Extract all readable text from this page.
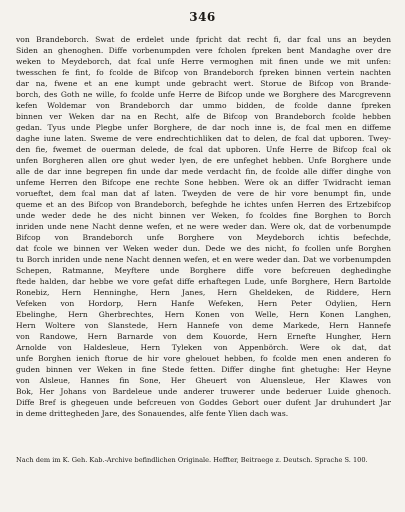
346
von Brandeborch. Swat de erdelet unde fpricht dat recht fi, dar fcal uns an beyden
Siden an ghenoghen. Diffe vorbenumpden vere fcholen fpreken bent Mandaghe over dre
weken to Meydeborch, dat fcal unfe Herre vermoghen mit finen unde we mit unfen:
twesschen fe fint, fo fcolde de Bifcop von Brandeborch fpreken binnen vertein nachten
dar na, fwene et an ene kumpt unde gebracht wert. Storue de Bifcop von Brande-
borch, des Goth ne wille, fo fcolde unfe Herre de Bifcop unde we Borghere des Marcgrevenn
kefen Woldemar von Brandeborch dar ummo bidden, de fcolde danne fpreken
binnen ver Weken dar na en Recht, alfe de Bifcop von Brandeborch fcolde hebben
gedan. Tyus unde Plegbe unfer Borghere, de dar noch inne is, de fcal men en diffeme
daghe iune laten. Sweme de vere endrechtichliken dat to delen, de fcal dat upboren. Twey-
den fie, fwemet de ouerman delede, de fcal dat upboren. Unfe Herre de Bifcop fcal ok
unfen Borgheren allen ore ghut weder lyen, de ere unfeghet hebben. Unfe Borghere unde
alle de dar inne begrepen fin unde dar mede verdacht fin, de fcolde alle differ dinghe von
unfeme Herren den Bifcope ene rechte Sone hebben. Were ok an differ Twidracht ieman
vorueftet, dem fcal man dat af laten. Tweyden de vere de hir vore benumpt fin, unde
queme et an des Bifcop von Brandeborch, befeghde he ichtes unfen Herren des Ertzebifcop
unde weder dede he des nicht binnen ver Weken, fo fcoldes fine Borghen to Borch
inriden unde nene Nacht denne wefen, et ne were weder dan. Were ok, dat de vorbenumpde
Bifcop von Brandeborch unfe Borghere von Meydeborch ichtis befechde,
dat fcole we binnen ver Weken weder dun. Dede we des nicht, fo fcollen unfe Borghen
tu Borch inriden unde nene Nacht dennen wefen, et en were weder dan. Dat we vorbenumpden
Schepen, Ratmanne, Meyftere unde Borghere diffe vore befcreuen deghedinghe
ftede halden, dar hebbe we vore gefat diffe erhaftegen Lude, unfe Borghere, Hern Bartolde
Ronebiz, Hern Henninghe, Hern Janes, Hern Gheldeken, de Riddere, Hern
Vefeken von Hordorp, Hern Hanfe Wefeken, Hern Peter Odylien, Hern
Ebelinghe, Hern Gherbrechtes, Hern Konen von Welle, Hern Konen Langhen,
Hern Woltere von Slanstede, Hern Hannefe von deme Markede, Hern Hannefe
von Randowe, Hern Barnarde von dem Kouorde, Hern Ernefte Hungher, Hern
Arnolde von Haldesleue, Hern Tyleken von Appenbörch. Were ok dat, dat
unfe Borghen ienich ftorue de hir vore ghelouet hebben, fo fcolde men enen anderen fo
guden binnen ver Weken in fine Stede fetten. Differ dinghe fint ghetughe: Her Heyne
von Alsleue, Hannes fin Sone, Her Gheuert von Aluensleue, Her Klawes von
Bok, Her Johans von Bardeleue unde anderer truwerer unde bederuer Luide ghenoch.
Diffe Bref is ghegeuen unde befcreuen von Goddes Gebort ouer dufent Jar druhundert Jar
in deme drittegheden Jare, des Sonauendes, alfe fente Ylien dach was.
Nach dem im K. Geh. Kab.-Archive befindlichen Originale. Heffter, Beitraege z. Deutsch. Sprache S. 100.
